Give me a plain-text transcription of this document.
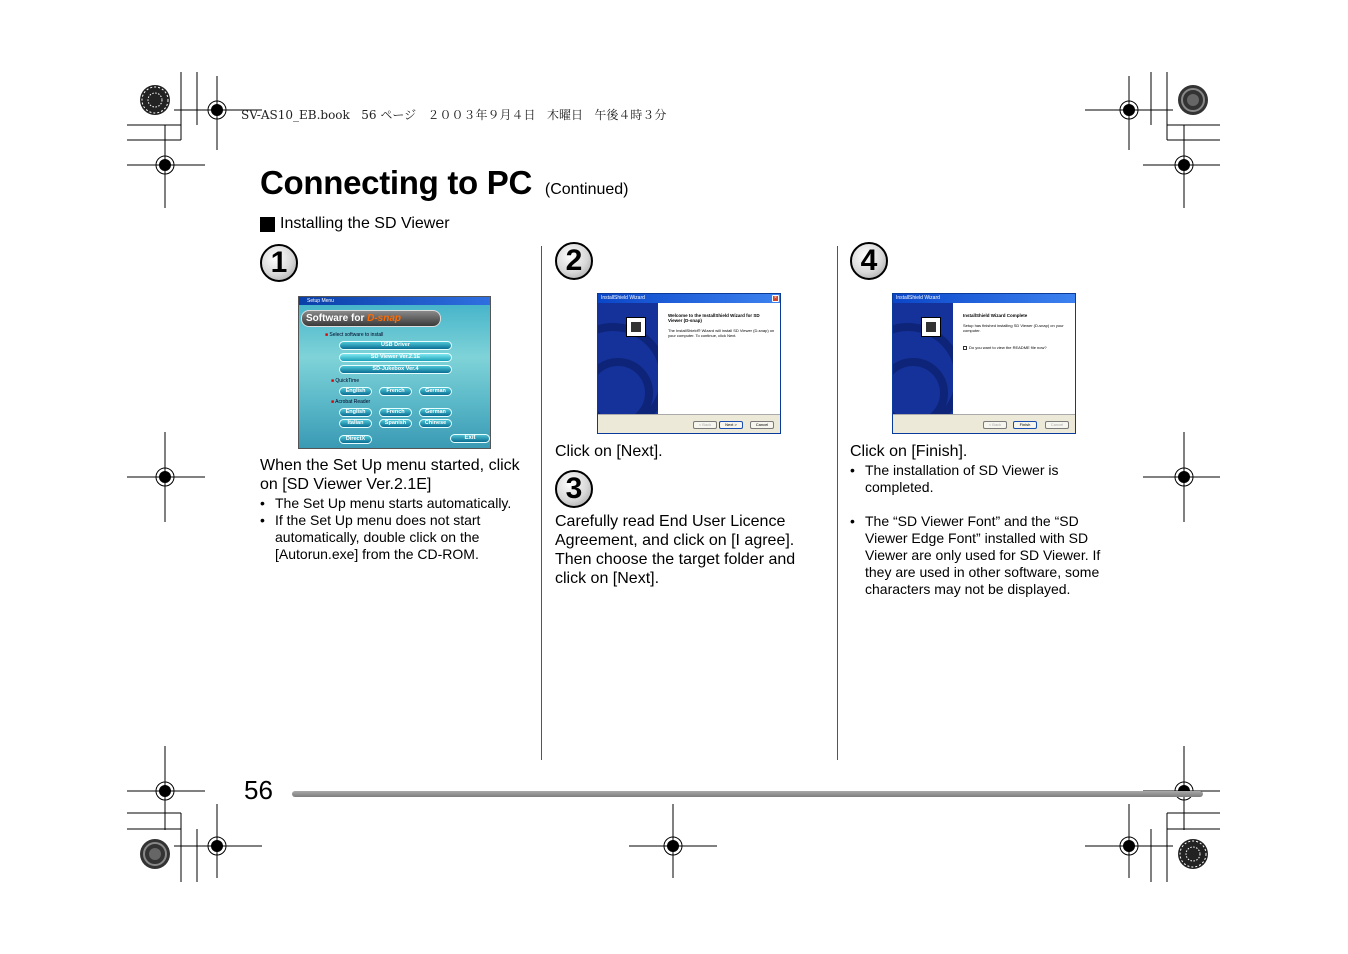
SV-AS10_EB.book   56 ページ   ２００３年９月４日   木曜日   午後４時３分
Connecting to PC (Continued)
Installing the SD Viewer
1
Setup Menu
Software for D-snap
■ Select software to install
USB Driver
SD Viewer Ver.2.1E
SD-Jukebox Ver.4
■ QuickTime
English	French	German
■ Acrobat Reader
English	French	German
Italian	Spanish	Chinese
DirectX	Exit
When the Set Up menu started, click on [SD Viewer Ver.2.1E]
• The Set Up menu starts automatically.
• If the Set Up menu does not start automatically, double click on the [Autorun.exe] from the CD-ROM.
2
InstallShield Wizard	×
Welcome to the InstallShield Wizard for SD Viewer (D-snap)
The InstallShield® Wizard will install SD Viewer (D-snap) on your computer. To continue, click Next.
< Back	Next >	Cancel
Click on [Next].
3
Carefully read End User Licence Agreement, and click on [I agree]. Then choose the target folder and click on [Next].
4
InstallShield Wizard
InstallShield Wizard Complete
Setup has finished installing SD Viewer (D-snap) on your computer.
Do you want to view the README file now?
< Back	Finish	Cancel
Click on [Finish].
• The installation of SD Viewer is completed.
• The “SD Viewer Font” and the “SD Viewer Edge Font” installed with SD Viewer are only used for SD Viewer. If they are used in other software, some characters may not be displayed.
56
